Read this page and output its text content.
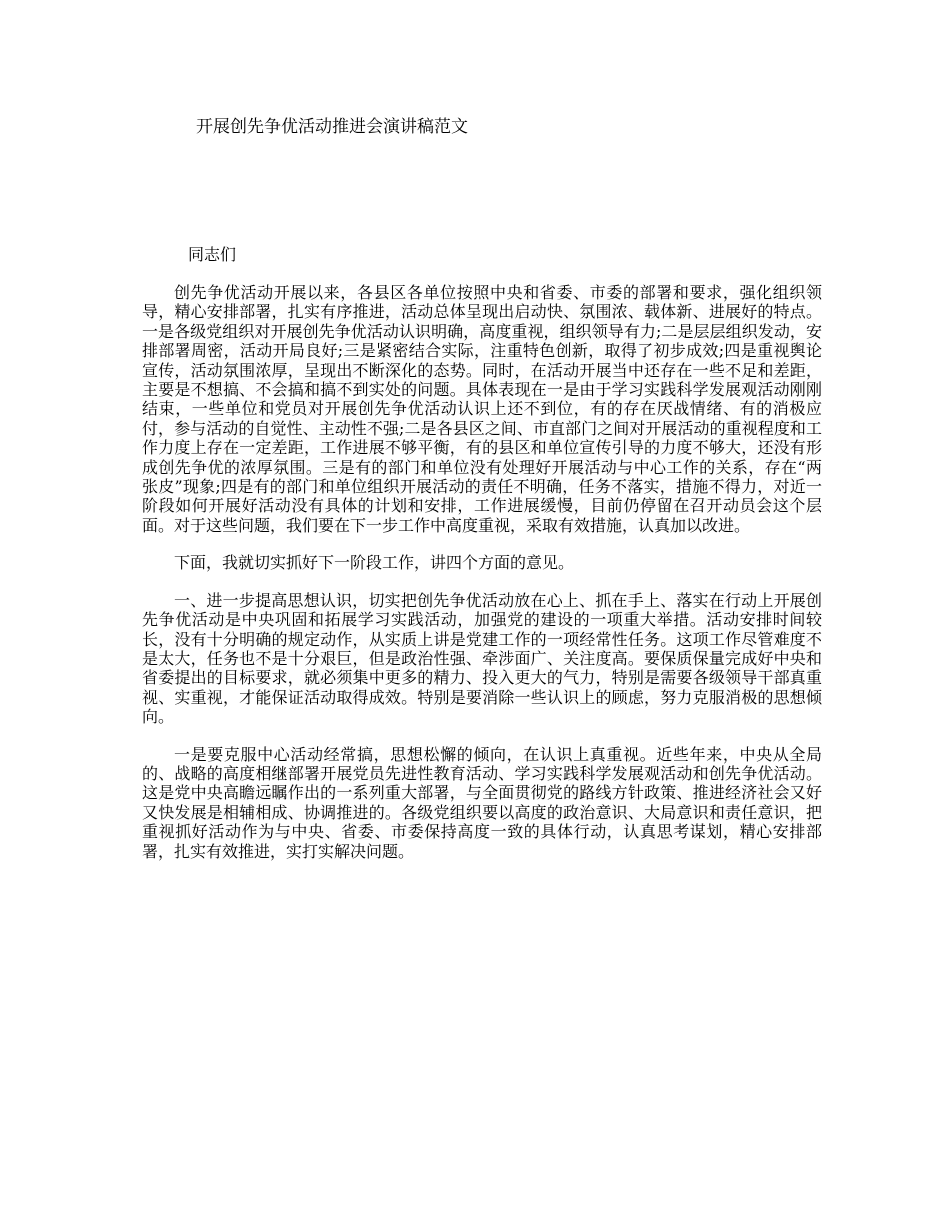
开展创先争优活动推进会演讲稿范文
同志们

创先争优活动开展以来，各县区各单位按照中央和省委、市委的部署和要求，强化组织领导，精心安排部署，扎实有序推进，活动总体呈现出启动快、氛围浓、载体新、进展好的特点。一是各级党组织对开展创先争优活动认识明确，高度重视，组织领导有力;二是层层组织发动，安排部署周密，活动开局良好;三是紧密结合实际，注重特色创新，取得了初步成效;四是重视舆论宣传，活动氛围浓厚，呈现出不断深化的态势。同时，在活动开展当中还存在一些不足和差距，主要是不想搞、不会搞和搞不到实处的问题。具体表现在一是由于学习实践科学发展观活动刚刚结束，一些单位和党员对开展创先争优活动认识上还不到位，有的存在厌战情绪、有的消极应付，参与活动的自觉性、主动性不强;二是各县区之间、市直部门之间对开展活动的重视程度和工作力度上存在一定差距，工作进展不够平衡，有的县区和单位宣传引导的力度不够大，还没有形成创先争优的浓厚氛围。三是有的部门和单位没有处理好开展活动与中心工作的关系，存在“两张皮”现象;四是有的部门和单位组织开展活动的责任不明确，任务不落实，措施不得力，对近一阶段如何开展好活动没有具体的计划和安排，工作进展缓慢，目前仍停留在召开动员会这个层面。对于这些问题，我们要在下一步工作中高度重视，采取有效措施，认真加以改进。

下面，我就切实抓好下一阶段工作，讲四个方面的意见。

一、进一步提高思想认识，切实把创先争优活动放在心上、抓在手上、落实在行动上开展创先争优活动是中央巩固和拓展学习实践活动，加强党的建设的一项重大举措。活动安排时间较长，没有十分明确的规定动作，从实质上讲是党建工作的一项经常性任务。这项工作尽管难度不是太大，任务也不是十分艰巨，但是政治性强、牵涉面广、关注度高。要保质保量完成好中央和省委提出的目标要求，就必须集中更多的精力、投入更大的气力，特别是需要各级领导干部真重视、实重视，才能保证活动取得成效。特别是要消除一些认识上的顾虑，努力克服消极的思想倾向。

一是要克服中心活动经常搞，思想松懈的倾向，在认识上真重视。近些年来，中央从全局的、战略的高度相继部署开展党员先进性教育活动、学习实践科学发展观活动和创先争优活动。这是党中央高瞻远瞩作出的一系列重大部署，与全面贯彻党的路线方针政策、推进经济社会又好又快发展是相辅相成、协调推进的。各级党组织要以高度的政治意识、大局意识和责任意识，把重视抓好活动作为与中央、省委、市委保持高度一致的具体行动，认真思考谋划，精心安排部署，扎实有效推进，实打实解决问题。
